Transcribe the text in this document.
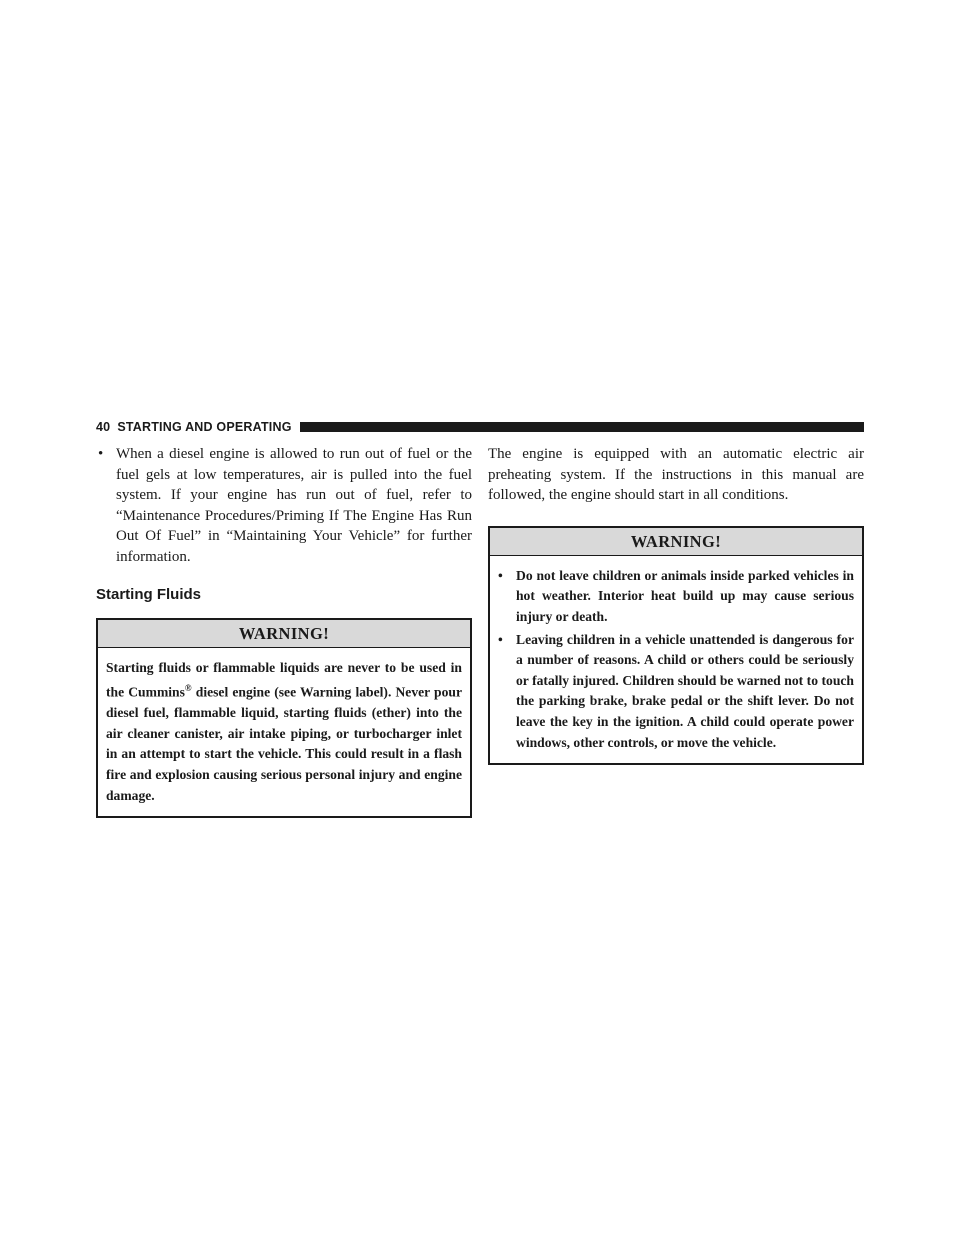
40 STARTING AND OPERATING
• When a diesel engine is allowed to run out of fuel or the fuel gels at low temperatures, air is pulled into the fuel system. If your engine has run out of fuel, refer to “Maintenance Procedures/Priming If The Engine Has Run Out Of Fuel” in “Maintaining Your Vehicle” for further information.
Starting Fluids
WARNING!

Starting fluids or flammable liquids are never to be used in the Cummins® diesel engine (see Warning label). Never pour diesel fuel, flammable liquid, starting fluids (ether) into the air cleaner canister, air intake piping, or turbocharger inlet in an attempt to start the vehicle. This could result in a flash fire and explosion causing serious personal injury and engine damage.

The engine is equipped with an automatic electric air preheating system. If the instructions in this manual are followed, the engine should start in all conditions.

WARNING!
• Do not leave children or animals inside parked vehicles in hot weather. Interior heat build up may cause serious injury or death.
• Leaving children in a vehicle unattended is dangerous for a number of reasons. A child or others could be seriously or fatally injured. Children should be warned not to touch the parking brake, brake pedal or the shift lever. Do not leave the key in the ignition. A child could operate power windows, other controls, or move the vehicle.
